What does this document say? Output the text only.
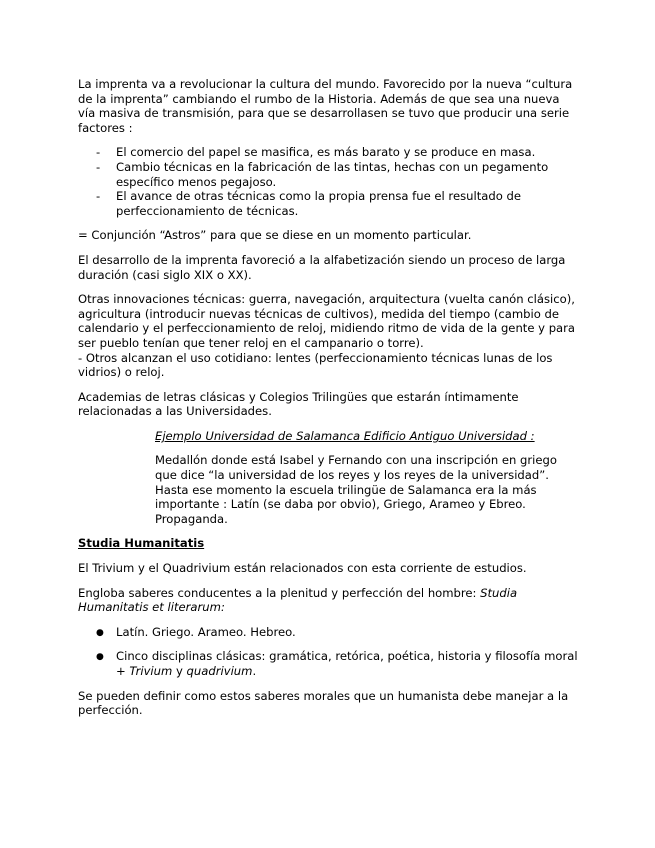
La imprenta va a revolucionar la cultura del mundo. Favorecido por la nueva “cultura de la imprenta” cambiando el rumbo de la Historia. Además de que sea una nueva vía masiva de transmisión, para que se desarrollasen se tuvo que producir una serie factores :

- El comercio del papel se masifica, es más barato y se produce en masa.
- Cambio técnicas en la fabricación de las tintas, hechas con un pegamento específico menos pegajoso.
- El avance de otras técnicas como la propia prensa fue el resultado de perfeccionamiento de técnicas.

= Conjunción “Astros” para que se diese en un momento particular.

El desarrollo de la imprenta favoreció a la alfabetización siendo un proceso de larga duración (casi siglo XIX o XX).

Otras innovaciones técnicas: guerra, navegación, arquitectura (vuelta canón clásico), agricultura (introducir nuevas técnicas de cultivos), medida del tiempo (cambio de calendario y el perfeccionamiento de reloj, midiendo ritmo de vida de la gente y para ser pueblo tenían que tener reloj en el campanario o torre).
- Otros alcanzan el uso cotidiano: lentes (perfeccionamiento técnicas lunas de los vidrios) o reloj.

Academias de letras clásicas y Colegios Trilingües que estarán íntimamente relacionadas a las Universidades.

Ejemplo Universidad de Salamanca Edificio Antiguo Universidad :

Medallón donde está Isabel y Fernando con una inscripción en griego que dice “la universidad de los reyes y los reyes de la universidad”. Hasta ese momento la escuela trilingüe de Salamanca era la más importante : Latín (se daba por obvio), Griego, Arameo y Ebreo. Propaganda.

Studia Humanitatis

El Trivium y el Quadrivium están relacionados con esta corriente de estudios.

Engloba saberes conducentes a la plenitud y perfección del hombre: Studia Humanitatis et literarum:

● Latín. Griego. Arameo. Hebreo.
● Cinco disciplinas clásicas: gramática, retórica, poética, historia y filosofía moral + Trivium y quadrivium.

Se pueden definir como estos saberes morales que un humanista debe manejar a la perfección.
